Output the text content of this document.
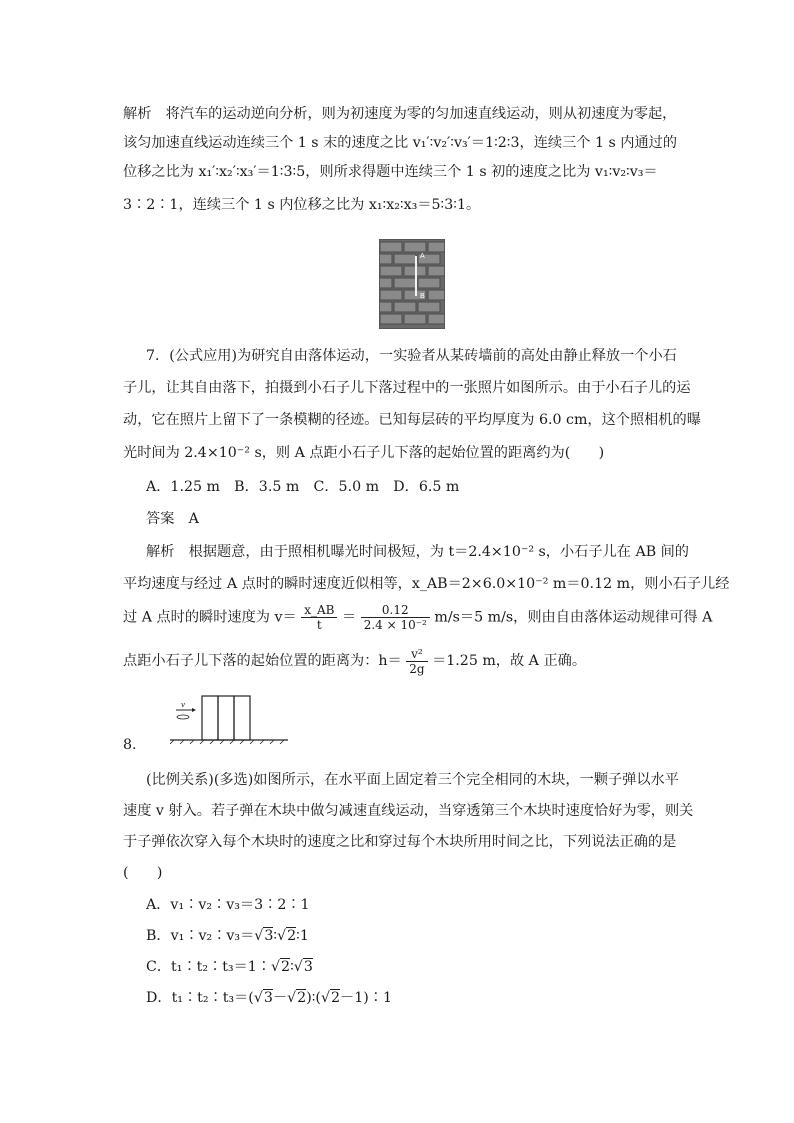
解析　将汽车的运动逆向分析，则为初速度为零的匀加速直线运动，则从初速度为零起，
该匀加速直线运动连续三个 1 s 末的速度之比 v₁′∶v₂′∶v₃′＝1∶2∶3，连续三个 1 s 内通过的
位移之比为 x₁′∶x₂′∶x₃′＝1∶3∶5，则所求得题中连续三个 1 s 初的速度之比为 v₁∶v₂∶v₃＝
3∶2∶1，连续三个 1 s 内位移之比为 x₁∶x₂∶x₃＝5∶3∶1。
A
B
7．(公式应用)为研究自由落体运动，一实验者从某砖墙前的高处由静止释放一个小石
子儿，让其自由落下，拍摄到小石子儿下落过程中的一张照片如图所示。由于小石子儿的运
动，它在照片上留下了一条模糊的径迹。已知每层砖的平均厚度为 6.0 cm，这个照相机的曝
光时间为 2.4×10⁻² s，则 A 点距小石子儿下落的起始位置的距离约为(　　)
A．1.25 m　B．3.5 m　C．5.0 m　D．6.5 m
答案　A
解析　根据题意，由于照相机曝光时间极短，为 t＝2.4×10⁻² s，小石子儿在 AB 间的
平均速度与经过 A 点时的瞬时速度近似相等，x_AB＝2×6.0×10⁻² m＝0.12 m，则小石子儿经
过 A 点时的瞬时速度为 $v= \frac{x\_AB}{t} = \frac{0.12}{\text{2.4 × 10⁻²}} m/s=5$ m/s，则由自由落体运动规律可得 A
点距小石子儿下落的起始位置的距离为：$h= \frac{\text{v²}}{2g} =1.25$ m，故 A 正确。
v
8.
(比例关系)(多选)如图所示，在水平面上固定着三个完全相同的木块，一颗子弹以水平
速度 v 射入。若子弹在木块中做匀减速直线运动，当穿透第三个木块时速度恰好为零，则关
于子弹依次穿入每个木块时的速度之比和穿过每个木块所用时间之比，下列说法正确的是
(　　)
A．v₁∶v₂∶v₃＝3∶2∶1
B．v₁∶v₂∶v₃＝√3∶√2∶1
C．t₁∶t₂∶t₃＝1∶√2∶√3
D．t₁∶t₂∶t₃＝(√3－√2)∶(√2－1)∶1
